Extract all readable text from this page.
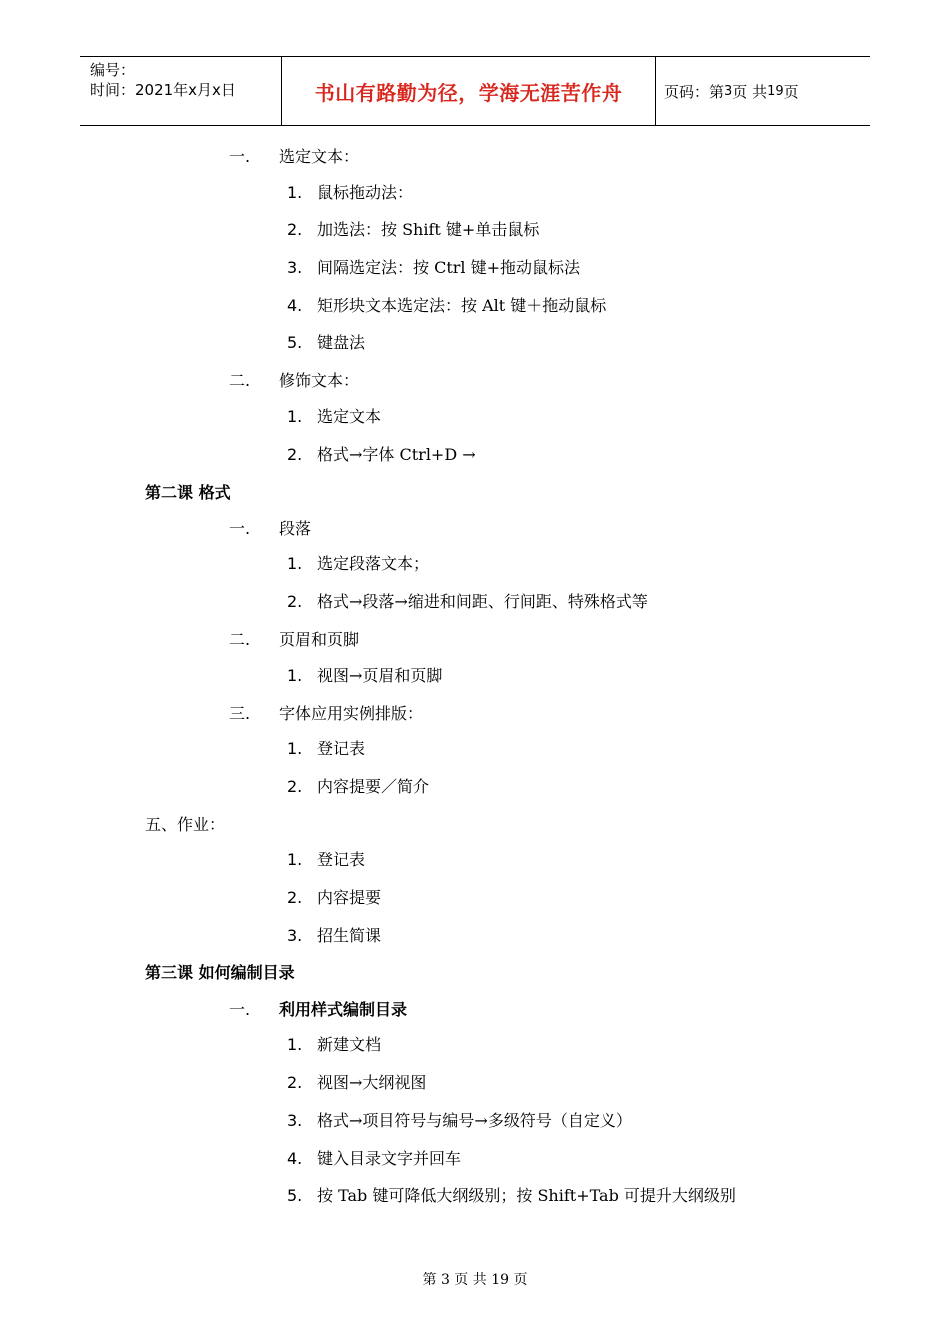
编号：
时间：2021年x月x日	书山有路勤为径，学海无涯苦作舟	页码：第 3 页 共 19 页
一. 选定文本：
1. 鼠标拖动法：
2. 加选法：按 Shift 键+单击鼠标
3. 间隔选定法：按 Ctrl 键+拖动鼠标法
4. 矩形块文本选定法：按 Alt 键＋拖动鼠标
5. 键盘法
二. 修饰文本：
1. 选定文本
2. 格式→字体 Ctrl+D →
第二课 格式
一. 段落
1. 选定段落文本；
2. 格式→段落→缩进和间距、行间距、特殊格式等
二. 页眉和页脚
1. 视图→页眉和页脚
三. 字体应用实例排版：
1. 登记表
2. 内容提要／简介
五、作业：
1. 登记表
2. 内容提要
3. 招生简课
第三课 如何编制目录
一. 利用样式编制目录
1. 新建文档
2. 视图→大纲视图
3. 格式→项目符号与编号→多级符号（自定义）
4. 键入目录文字并回车
5. 按 Tab 键可降低大纲级别；按 Shift+Tab 可提升大纲级别
第 3 页 共 19 页
